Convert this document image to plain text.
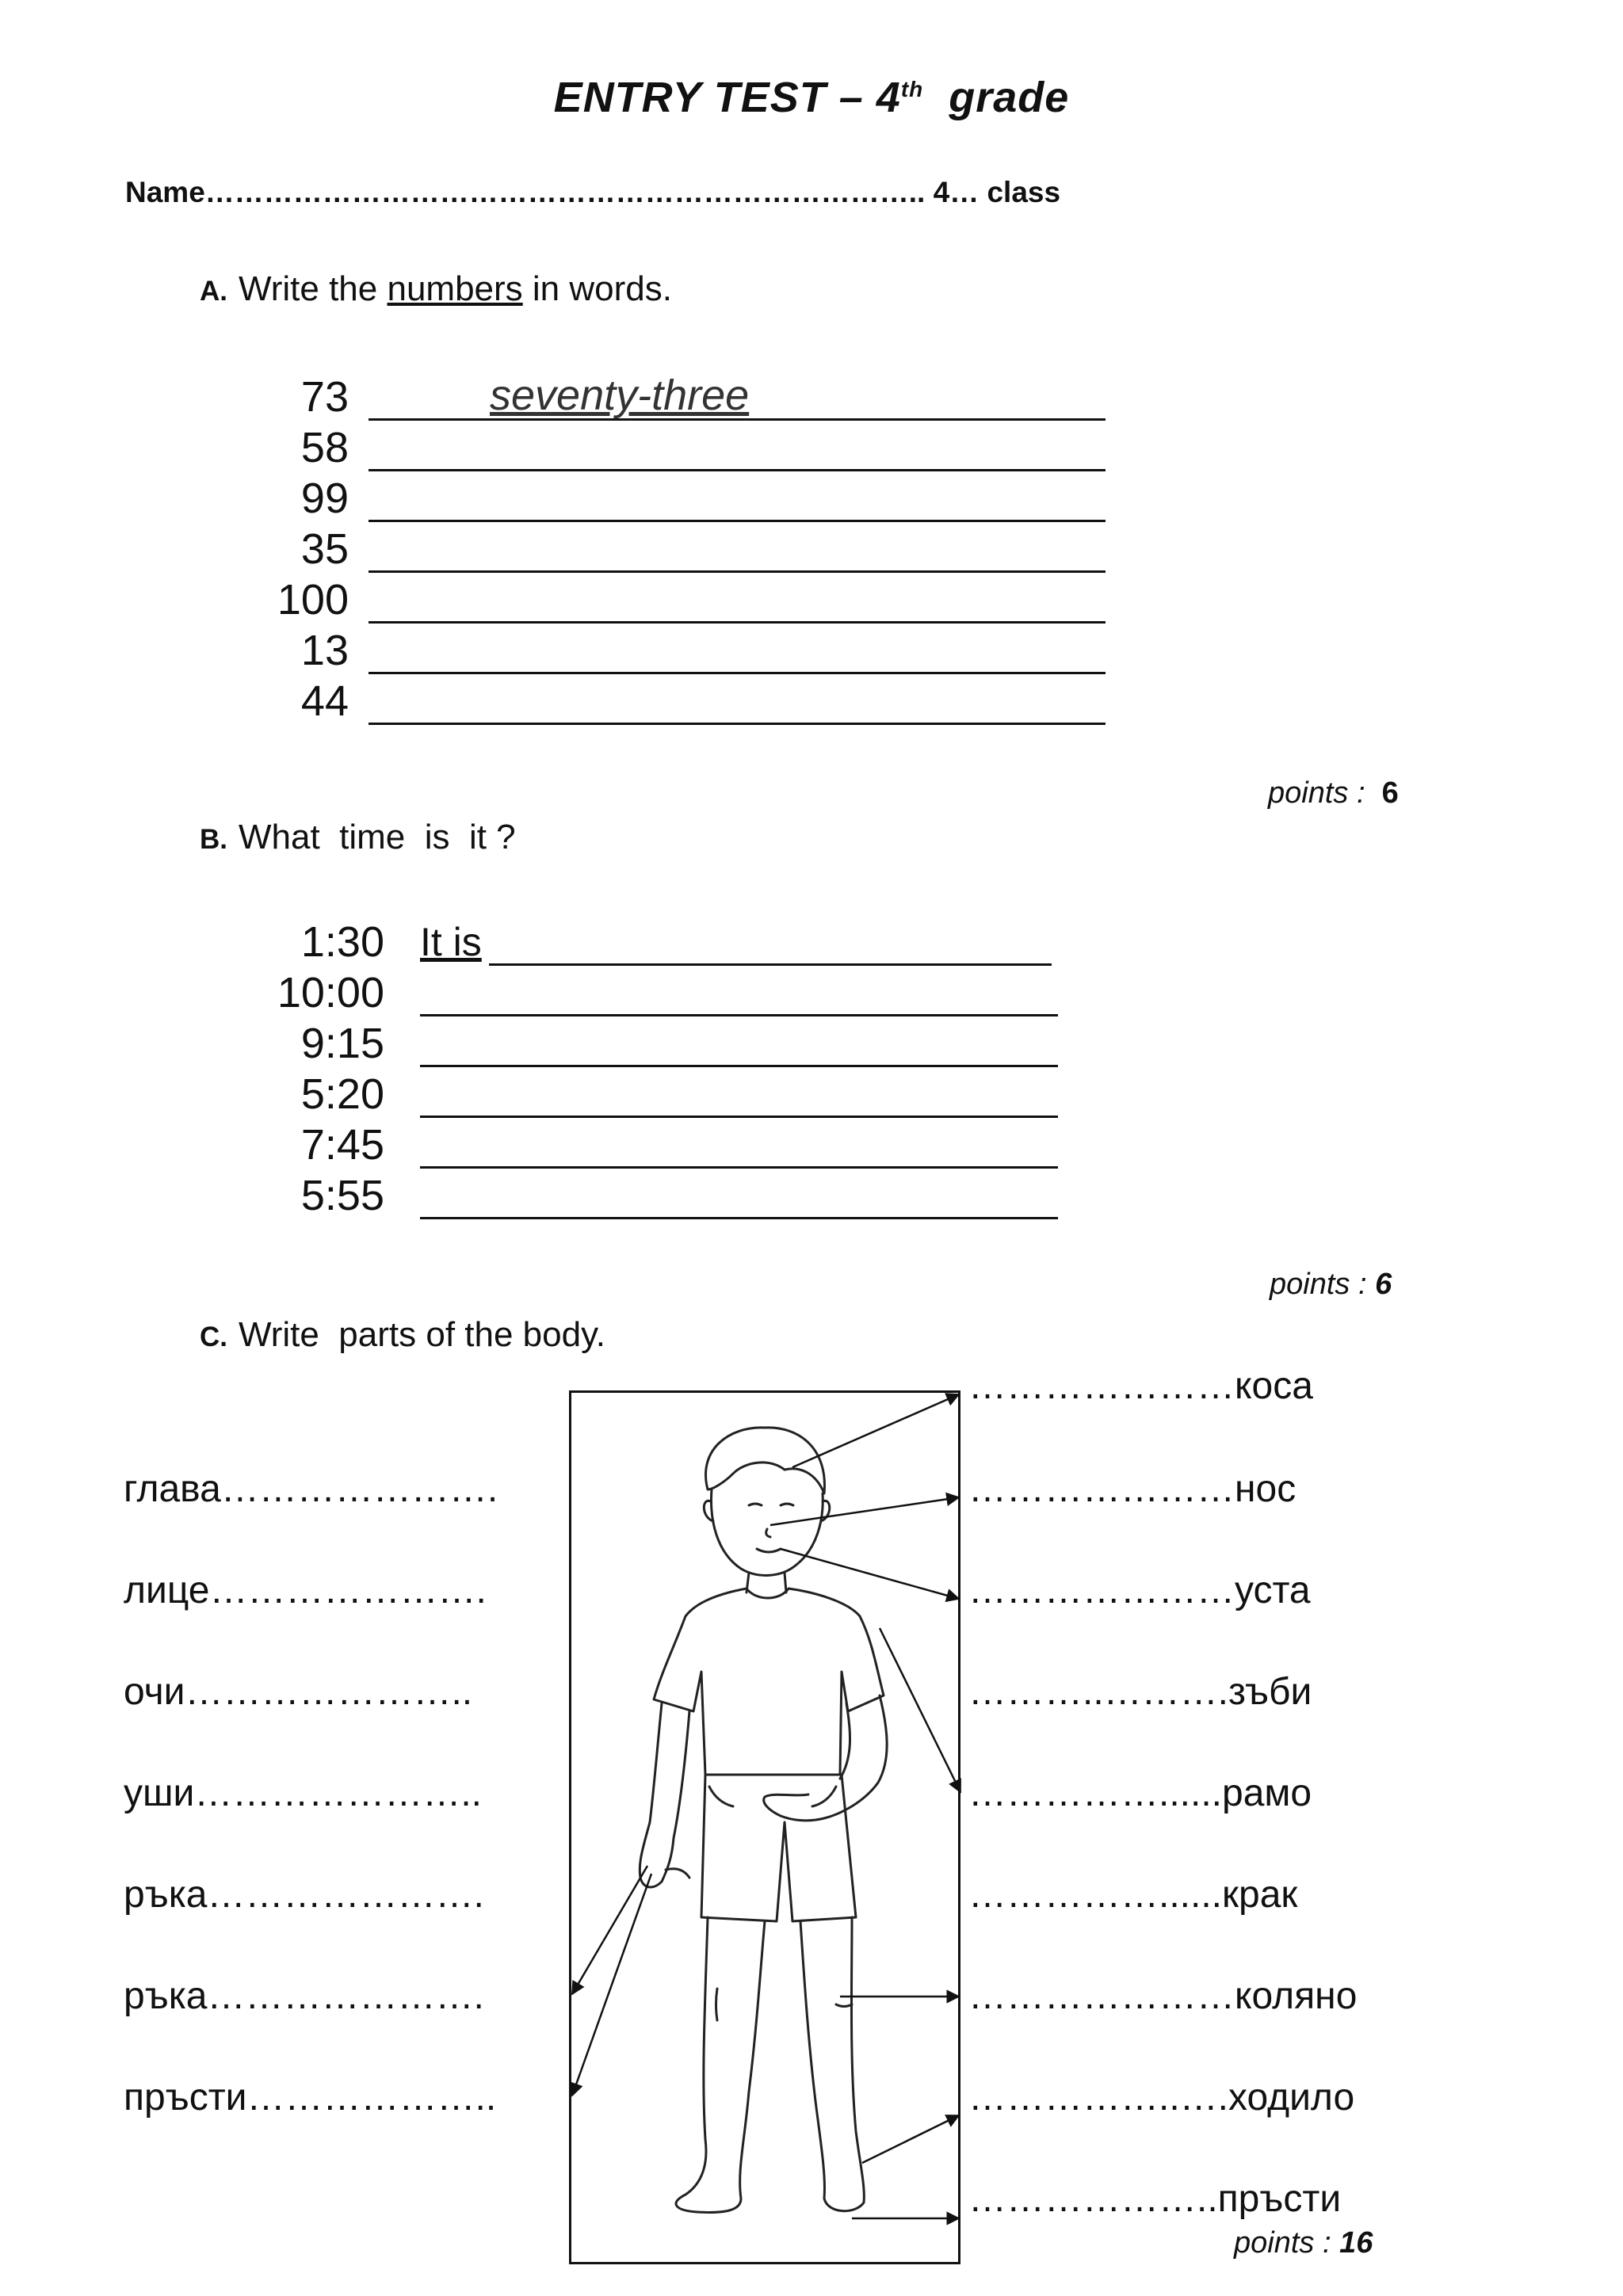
ENTRY TEST – 4th  grade
Name……………………………………………………………….. 4… class
A. Write the numbers in words.
73	seventy-three
58
99
35
100
13
44
points : 6
B. What  time  is  it ?
1:30 It is
10:00
9:15
5:20
7:45
5:55
points : 6
C. Write  parts of the body.
глава………………….
лице………………….
очи…………………..
уши…………………..
ръка………………….
ръка………………….
пръсти………………..
…………………коса
…………………нос
…………………уста
………..……….зъби
……………......рамо
……………......крак
…………………коляно
……………..….ходило
………………..пръсти
points : 16
